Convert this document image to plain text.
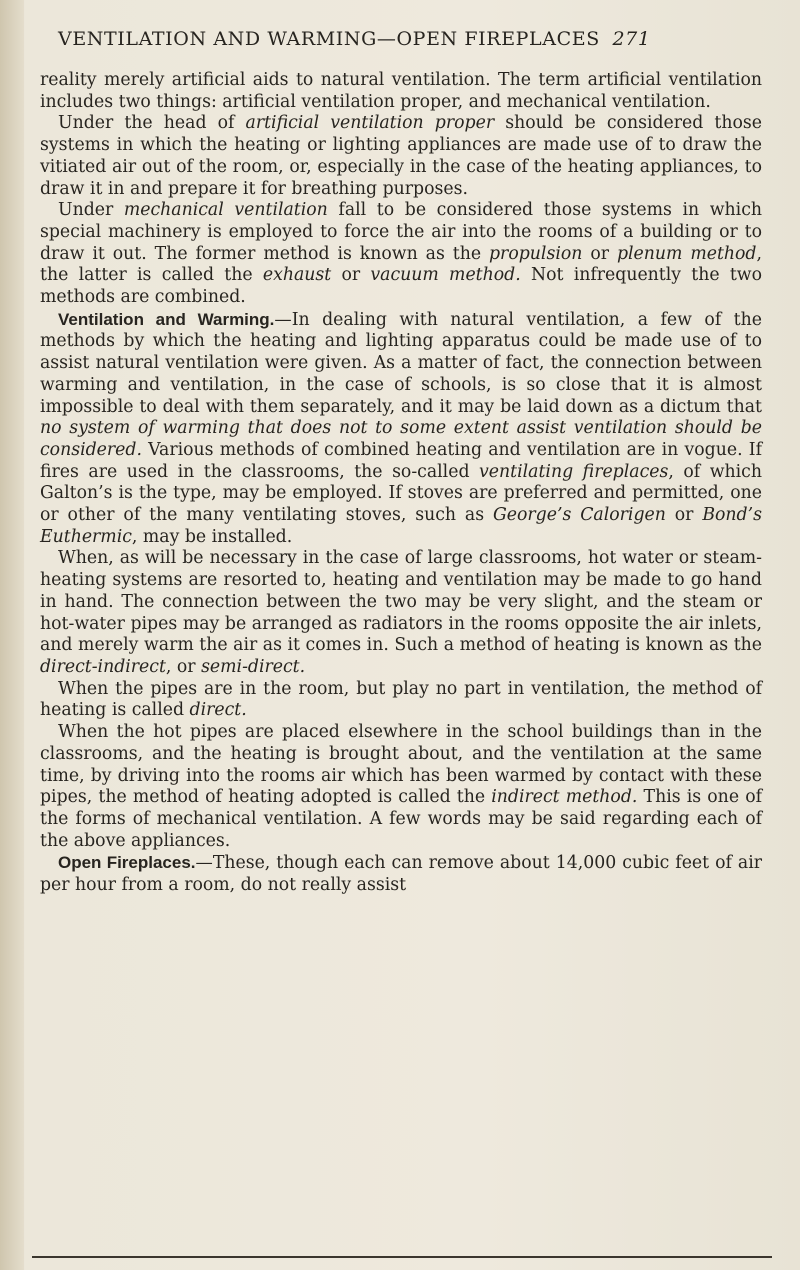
VENTILATION AND WARMING—OPEN FIREPLACES 271

reality merely artificial aids to natural ventilation. The term artificial ventilation includes two things: artificial ventilation proper, and mechanical ventilation.

Under the head of artificial ventilation proper should be considered those systems in which the heating or lighting appliances are made use of to draw the vitiated air out of the room, or, especially in the case of the heating appliances, to draw it in and prepare it for breathing purposes.

Under mechanical ventilation fall to be considered those systems in which special machinery is employed to force the air into the rooms of a building or to draw it out. The former method is known as the propulsion or plenum method, the latter is called the exhaust or vacuum method. Not infrequently the two methods are combined.

Ventilation and Warming.—In dealing with natural ventilation, a few of the methods by which the heating and lighting apparatus could be made use of to assist natural ventilation were given. As a matter of fact, the connection between warming and ventilation, in the case of schools, is so close that it is almost impossible to deal with them separately, and it may be laid down as a dictum that no system of warming that does not to some extent assist ventilation should be considered. Various methods of combined heating and ventilation are in vogue. If fires are used in the classrooms, the so-called ventilating fireplaces, of which Galton’s is the type, may be employed. If stoves are preferred and permitted, one or other of the many ventilating stoves, such as George’s Calorigen or Bond’s Euthermic, may be installed.

When, as will be necessary in the case of large classrooms, hot water or steam-heating systems are resorted to, heating and ventilation may be made to go hand in hand. The connection between the two may be very slight, and the steam or hot-water pipes may be arranged as radiators in the rooms opposite the air inlets, and merely warm the air as it comes in. Such a method of heating is known as the direct-indirect, or semi-direct.

When the pipes are in the room, but play no part in ventilation, the method of heating is called direct.

When the hot pipes are placed elsewhere in the school buildings than in the classrooms, and the heating is brought about, and the ventilation at the same time, by driving into the rooms air which has been warmed by contact with these pipes, the method of heating adopted is called the indirect method. This is one of the forms of mechanical ventilation. A few words may be said regarding each of the above appliances.

Open Fireplaces.—These, though each can remove about 14,000 cubic feet of air per hour from a room, do not really assist
